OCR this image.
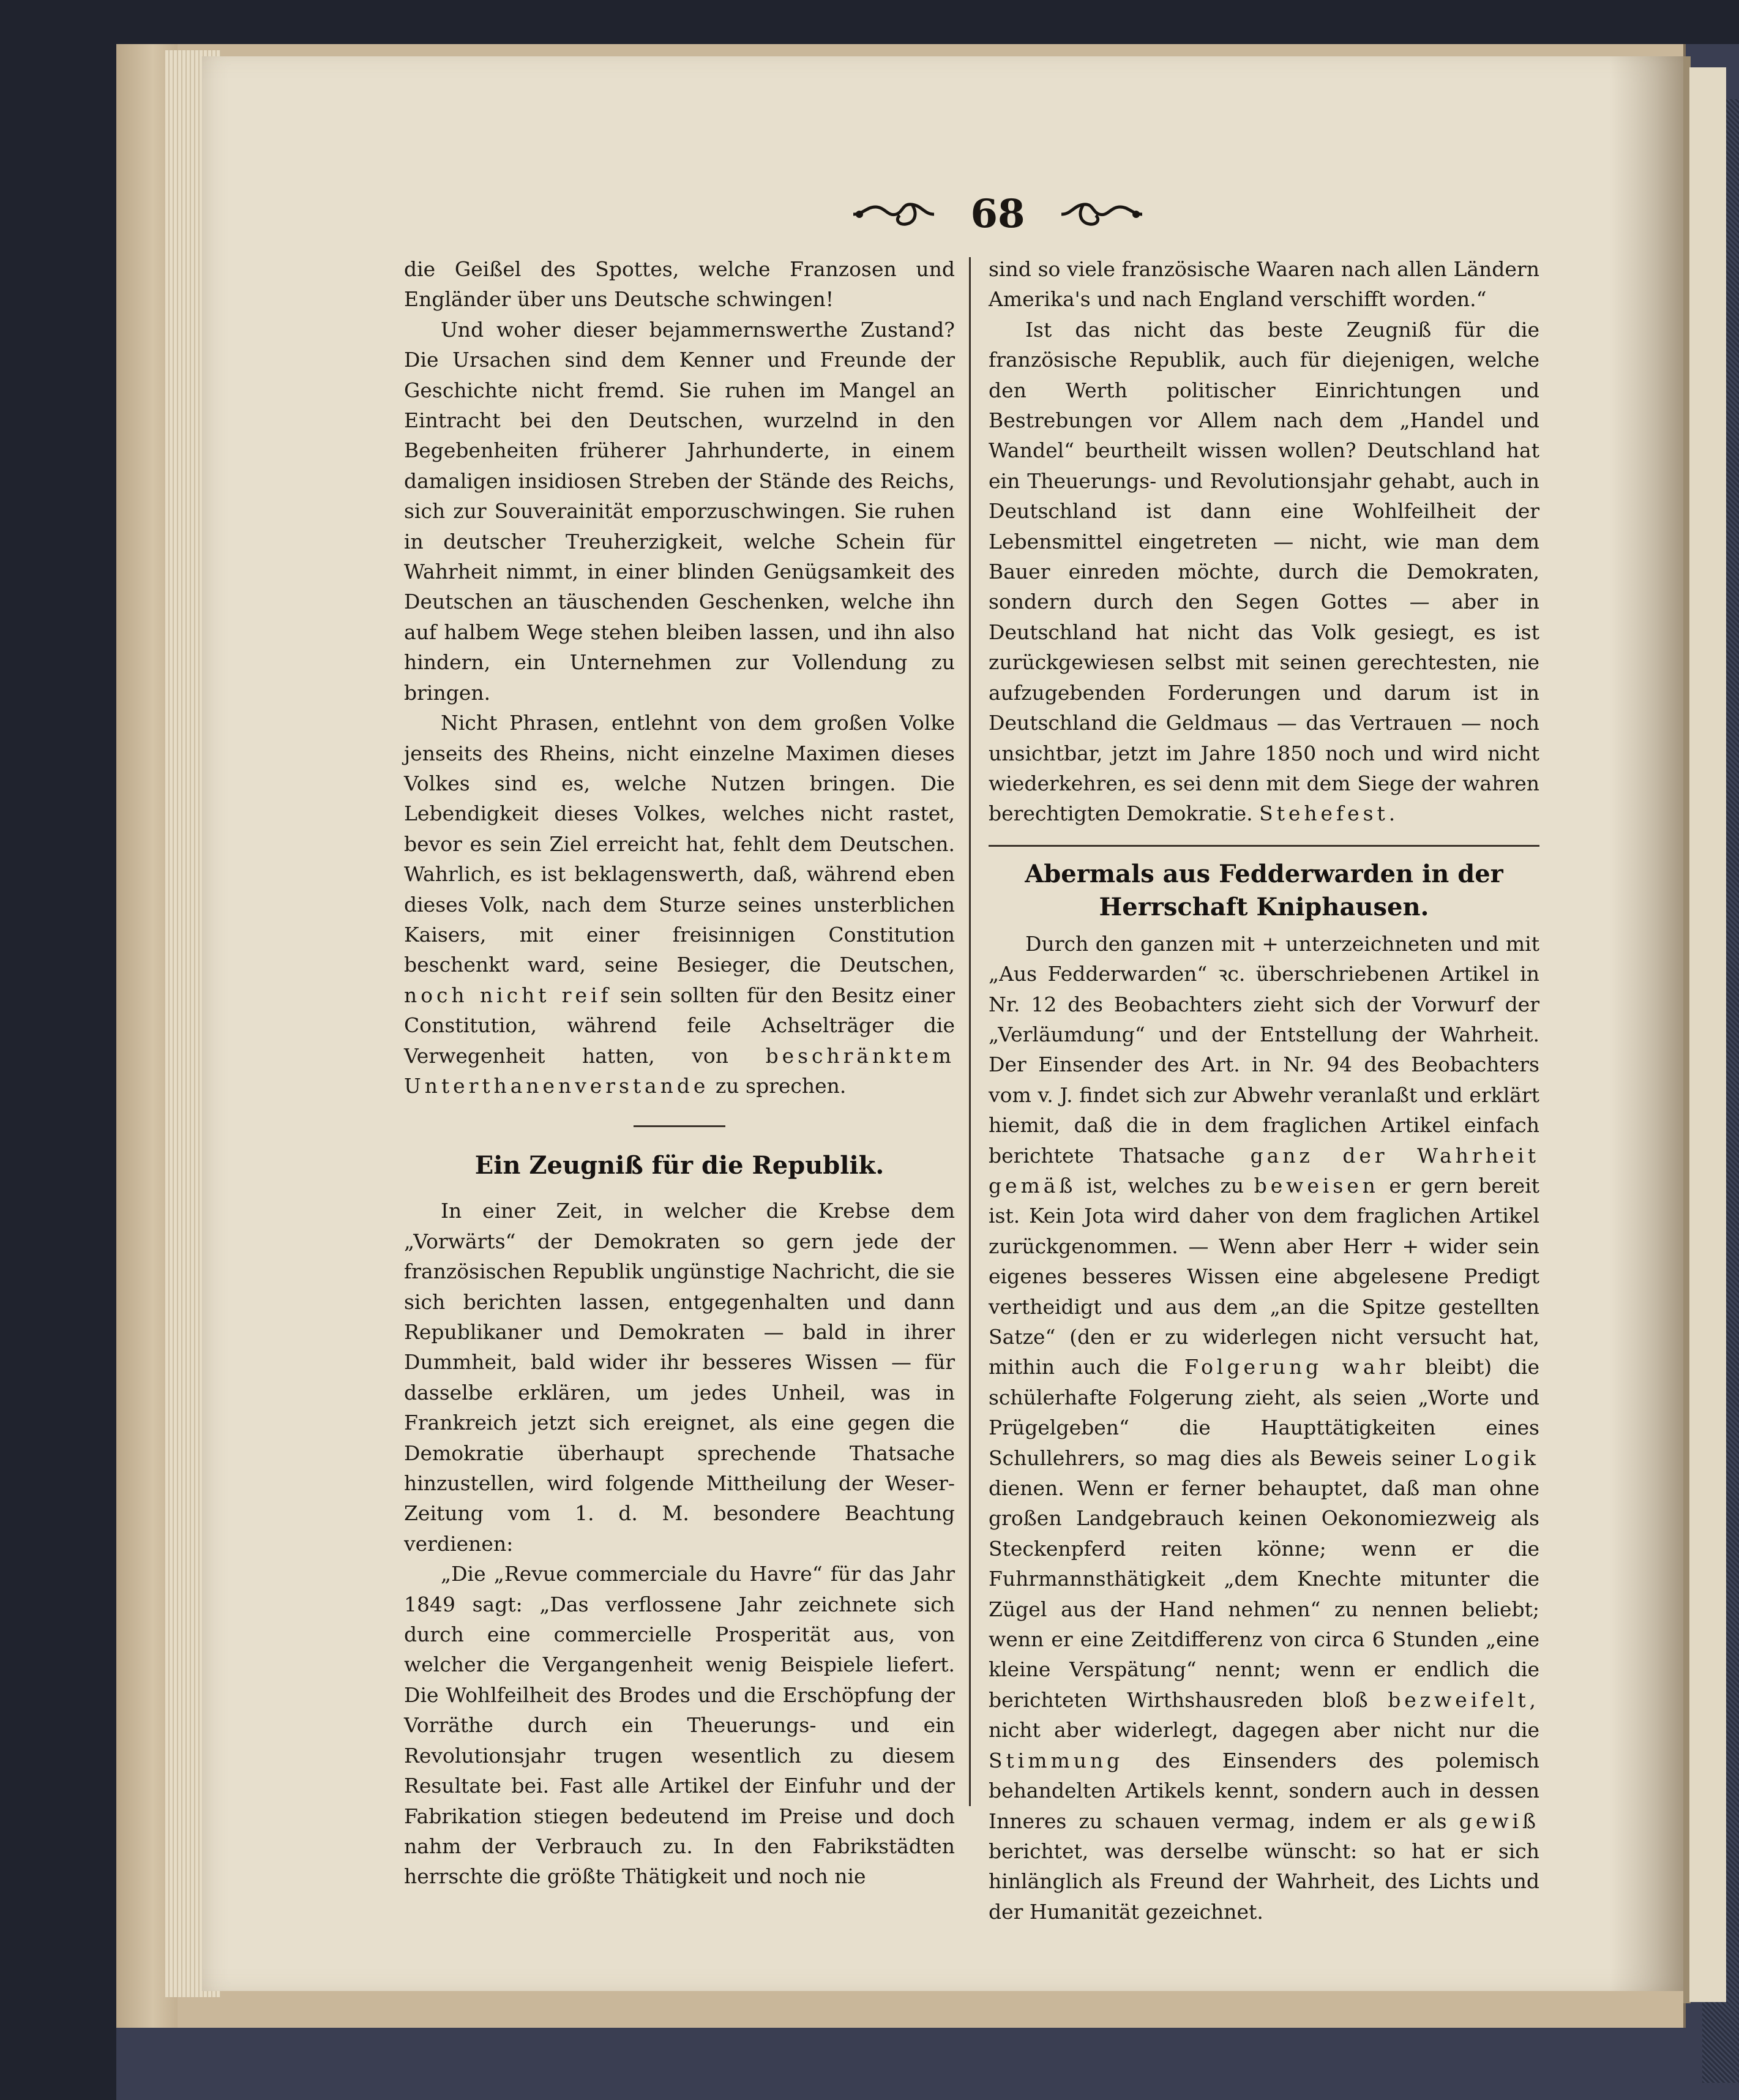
68

die Geißel des Spottes, welche Franzosen und Engländer über uns Deutsche schwingen!

Und woher dieser bejammernswerthe Zustand? Die Ursachen sind dem Kenner und Freunde der Geschichte nicht fremd. Sie ruhen im Mangel an Eintracht bei den Deutschen, wurzelnd in den Begebenheiten früherer Jahrhunderte, in einem damaligen insidiosen Streben der Stände des Reichs, sich zur Souverainität emporzuschwingen. Sie ruhen in deutscher Treuherzigkeit, welche Schein für Wahrheit nimmt, in einer blinden Genügsamkeit des Deutschen an täuschenden Geschenken, welche ihn auf halbem Wege stehen bleiben lassen, und ihn also hindern, ein Unternehmen zur Vollendung zu bringen.

Nicht Phrasen, entlehnt von dem großen Volke jenseits des Rheins, nicht einzelne Maximen dieses Volkes sind es, welche Nutzen bringen. Die Lebendigkeit dieses Volkes, welches nicht rastet, bevor es sein Ziel erreicht hat, fehlt dem Deutschen. Wahrlich, es ist beklagenswerth, daß, während eben dieses Volk, nach dem Sturze seines unsterblichen Kaisers, mit einer freisinnigen Constitution beschenkt ward, seine Besieger, die Deutschen, noch nicht reif sein sollten für den Besitz einer Constitution, während feile Achselträger die Verwegenheit hatten, von beschränktem Unterthanenverstande zu sprechen.

Ein Zeugniß für die Republik.

In einer Zeit, in welcher die Krebse dem „Vorwärts“ der Demokraten so gern jede der französischen Republik ungünstige Nachricht, die sie sich berichten lassen, entgegenhalten und dann Republikaner und Demokraten — bald in ihrer Dummheit, bald wider ihr besseres Wissen — für dasselbe erklären, um jedes Unheil, was in Frankreich jetzt sich ereignet, als eine gegen die Demokratie überhaupt sprechende Thatsache hinzustellen, wird folgende Mittheilung der Weser-Zeitung vom 1. d. M. besondere Beachtung verdienen:

„Die „Revue commerciale du Havre“ für das Jahr 1849 sagt: „Das verflossene Jahr zeichnete sich durch eine commercielle Prosperität aus, von welcher die Vergangenheit wenig Beispiele liefert. Die Wohlfeilheit des Brodes und die Erschöpfung der Vorräthe durch ein Theuerungs- und ein Revolutionsjahr trugen wesentlich zu diesem Resultate bei. Fast alle Artikel der Einfuhr und der Fabrikation stiegen bedeutend im Preise und doch nahm der Verbrauch zu. In den Fabrikstädten herrschte die größte Thätigkeit und noch nie

sind so viele französische Waaren nach allen Ländern Amerika's und nach England verschifft worden.“

Ist das nicht das beste Zeugniß für die französische Republik, auch für diejenigen, welche den Werth politischer Einrichtungen und Bestrebungen vor Allem nach dem „Handel und Wandel“ beurtheilt wissen wollen? Deutschland hat ein Theuerungs- und Revolutionsjahr gehabt, auch in Deutschland ist dann eine Wohlfeilheit der Lebensmittel eingetreten — nicht, wie man dem Bauer einreden möchte, durch die Demokraten, sondern durch den Segen Gottes — aber in Deutschland hat nicht das Volk gesiegt, es ist zurückgewiesen selbst mit seinen gerechtesten, nie aufzugebenden Forderungen und darum ist in Deutschland die Geldmaus — das Vertrauen — noch unsichtbar, jetzt im Jahre 1850 noch und wird nicht wiederkehren, es sei denn mit dem Siege der wahren berechtigten Demokratie. Stehefest.

Abermals aus Fedderwarden in der Herrschaft Kniphausen.

Durch den ganzen mit + unterzeichneten und mit „Aus Fedderwarden“ ꝛc. überschriebenen Artikel in Nr. 12 des Beobachters zieht sich der Vorwurf der „Verläumdung“ und der Entstellung der Wahrheit. Der Einsender des Art. in Nr. 94 des Beobachters vom v. J. findet sich zur Abwehr veranlaßt und erklärt hiemit, daß die in dem fraglichen Artikel einfach berichtete Thatsache ganz der Wahrheit gemäß ist, welches zu beweisen er gern bereit ist. Kein Jota wird daher von dem fraglichen Artikel zurückgenommen. — Wenn aber Herr + wider sein eigenes besseres Wissen eine abgelesene Predigt vertheidigt und aus dem „an die Spitze gestellten Satze“ (den er zu widerlegen nicht versucht hat, mithin auch die Folgerung wahr bleibt) die schülerhafte Folgerung zieht, als seien „Worte und Prügelgeben“ die Haupttätigkeiten eines Schullehrers, so mag dies als Beweis seiner Logik dienen. Wenn er ferner behauptet, daß man ohne großen Landgebrauch keinen Oekonomiezweig als Steckenpferd reiten könne; wenn er die Fuhrmannsthätigkeit „dem Knechte mitunter die Zügel aus der Hand nehmen“ zu nennen beliebt; wenn er eine Zeitdifferenz von circa 6 Stunden „eine kleine Verspätung“ nennt; wenn er endlich die berichteten Wirthshausreden bloß bezweifelt, nicht aber widerlegt, dagegen aber nicht nur die Stimmung des Einsenders des polemisch behandelten Artikels kennt, sondern auch in dessen Inneres zu schauen vermag, indem er als gewiß berichtet, was derselbe wünscht: so hat er sich hinlänglich als Freund der Wahrheit, des Lichts und der Humanität gezeichnet.
